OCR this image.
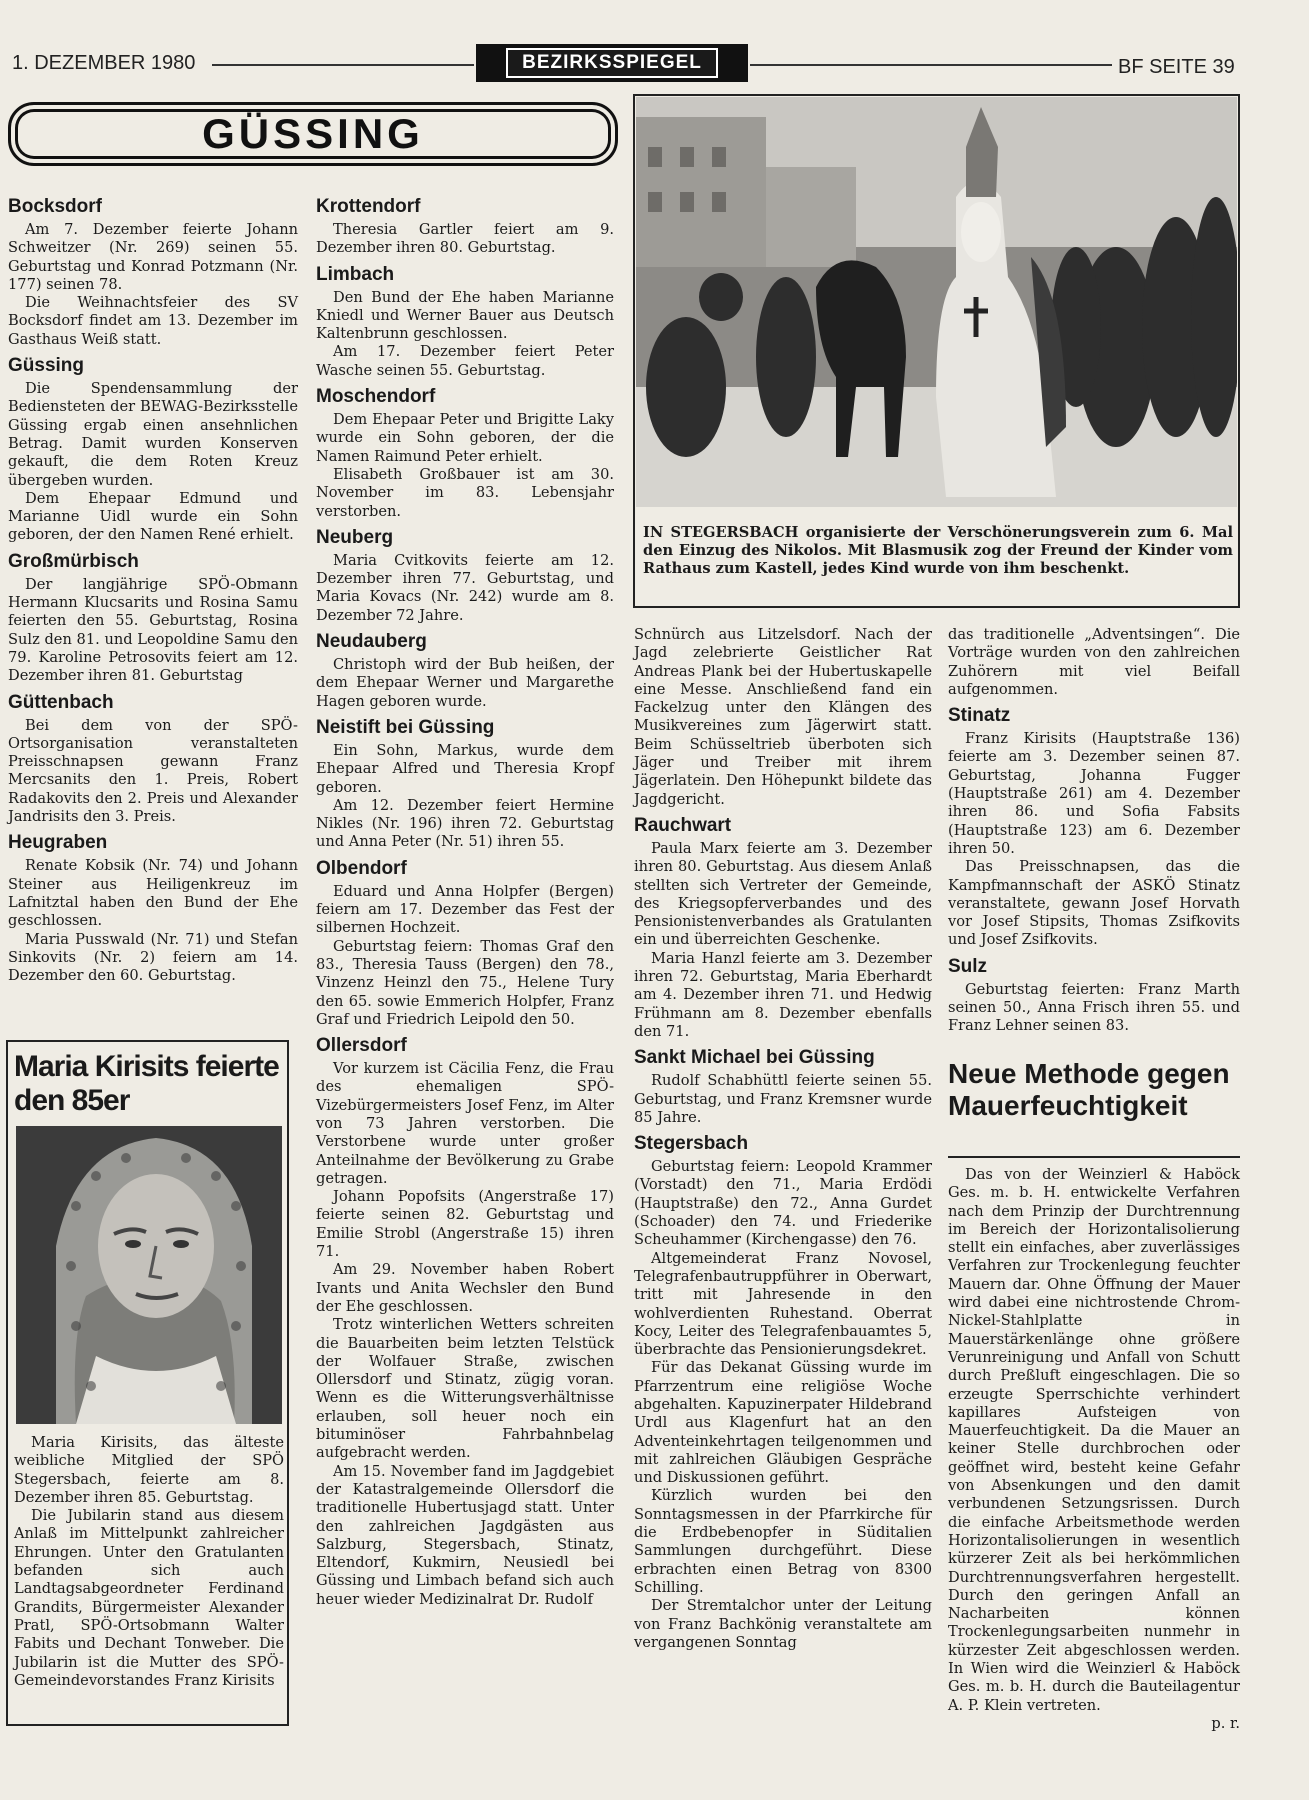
1. DEZEMBER 1980	BEZIRKSSPIEGEL	BF SEITE 39
GÜSSING
Bocksdorf

Am 7. Dezember feierte Johann Schweitzer (Nr. 269) seinen 55. Geburtstag und Konrad Potzmann (Nr. 177) seinen 78.

Die Weihnachtsfeier des SV Bocksdorf findet am 13. Dezember im Gasthaus Weiß statt.

Güssing

Die Spendensammlung der Bediensteten der BEWAG-Bezirksstelle Güssing ergab einen ansehnlichen Betrag. Damit wurden Konserven gekauft, die dem Roten Kreuz übergeben wurden.

Dem Ehepaar Edmund und Marianne Uidl wurde ein Sohn geboren, der den Namen René erhielt.

Großmürbisch

Der langjährige SPÖ-Obmann Hermann Klucsarits und Rosina Samu feierten den 55. Geburtstag, Rosina Sulz den 81. und Leopoldine Samu den 79. Karoline Petrosovits feiert am 12. Dezember ihren 81. Geburtstag

Güttenbach

Bei dem von der SPÖ-Ortsorganisation veranstalteten Preisschnapsen gewann Franz Mercsanits den 1. Preis, Robert Radakovits den 2. Preis und Alexander Jandrisits den 3. Preis.

Heugraben

Renate Kobsik (Nr. 74) und Johann Steiner aus Heiligenkreuz im Lafnitztal haben den Bund der Ehe geschlossen.

Maria Pusswald (Nr. 71) und Stefan Sinkovits (Nr. 2) feiern am 14. Dezember den 60. Geburtstag.

Maria Kirisits feierte den 85er

Maria Kirisits, das älteste weibliche Mitglied der SPÖ Stegersbach, feierte am 8. Dezember ihren 85. Geburtstag.

Die Jubilarin stand aus diesem Anlaß im Mittelpunkt zahlreicher Ehrungen. Unter den Gratulanten befanden sich auch Landtagsabgeordneter Ferdinand Grandits, Bürgermeister Alexander Pratl, SPÖ-Ortsobmann Walter Fabits und Dechant Tonweber. Die Jubilarin ist die Mutter des SPÖ-Gemeindevorstandes Franz Kirisits

Krottendorf

Theresia Gartler feiert am 9. Dezember ihren 80. Geburtstag.

Limbach

Den Bund der Ehe haben Marianne Kniedl und Werner Bauer aus Deutsch Kaltenbrunn geschlossen.

Am 17. Dezember feiert Peter Wasche seinen 55. Geburtstag.

Moschendorf

Dem Ehepaar Peter und Brigitte Laky wurde ein Sohn geboren, der die Namen Raimund Peter erhielt.

Elisabeth Großbauer ist am 30. November im 83. Lebensjahr verstorben.

Neuberg

Maria Cvitkovits feierte am 12. Dezember ihren 77. Geburtstag, und Maria Kovacs (Nr. 242) wurde am 8. Dezember 72 Jahre.

Neudauberg

Christoph wird der Bub heißen, der dem Ehepaar Werner und Margarethe Hagen geboren wurde.

Neistift bei Güssing

Ein Sohn, Markus, wurde dem Ehepaar Alfred und Theresia Kropf geboren.

Am 12. Dezember feiert Hermine Nikles (Nr. 196) ihren 72. Geburtstag und Anna Peter (Nr. 51) ihren 55.

Olbendorf

Eduard und Anna Holpfer (Bergen) feiern am 17. Dezember das Fest der silbernen Hochzeit.

Geburtstag feiern: Thomas Graf den 83., Theresia Tauss (Bergen) den 78., Vinzenz Heinzl den 75., Helene Tury den 65. sowie Emmerich Holpfer, Franz Graf und Friedrich Leipold den 50.

Ollersdorf

Vor kurzem ist Cäcilia Fenz, die Frau des ehemaligen SPÖ-Vizebürgermeisters Josef Fenz, im Alter von 73 Jahren verstorben. Die Verstorbene wurde unter großer Anteilnahme der Bevölkerung zu Grabe getragen.

Johann Popofsits (Angerstraße 17) feierte seinen 82. Geburtstag und Emilie Strobl (Angerstraße 15) ihren 71.

Am 29. November haben Robert Ivants und Anita Wechsler den Bund der Ehe geschlossen.

Trotz winterlichen Wetters schreiten die Bauarbeiten beim letzten Telstück der Wolfauer Straße, zwischen Ollersdorf und Stinatz, zügig voran. Wenn es die Witterungsverhältnisse erlauben, soll heuer noch ein bituminöser Fahrbahnbelag aufgebracht werden.

Am 15. November fand im Jagdgebiet der Katastralgemeinde Ollersdorf die traditionelle Hubertusjagd statt. Unter den zahlreichen Jagdgästen aus Salzburg, Stegersbach, Stinatz, Eltendorf, Kukmirn, Neusiedl bei Güssing und Limbach befand sich auch heuer wieder Medizinalrat Dr. Rudolf

IN STEGERSBACH organisierte der Verschönerungsverein zum 6. Mal den Einzug des Nikolos. Mit Blasmusik zog der Freund der Kinder vom Rathaus zum Kastell, jedes Kind wurde von ihm beschenkt.

Schnürch aus Litzelsdorf. Nach der Jagd zelebrierte Geistlicher Rat Andreas Plank bei der Hubertuskapelle eine Messe. Anschließend fand ein Fackelzug unter den Klängen des Musikvereines zum Jägerwirt statt. Beim Schüsseltrieb überboten sich Jäger und Treiber mit ihrem Jägerlatein. Den Höhepunkt bildete das Jagdgericht.

Rauchwart

Paula Marx feierte am 3. Dezember ihren 80. Geburtstag. Aus diesem Anlaß stellten sich Vertreter der Gemeinde, des Kriegsopferverbandes und des Pensionistenverbandes als Gratulanten ein und überreichten Geschenke.

Maria Hanzl feierte am 3. Dezember ihren 72. Geburtstag, Maria Eberhardt am 4. Dezember ihren 71. und Hedwig Frühmann am 8. Dezember ebenfalls den 71.

Sankt Michael bei Güssing

Rudolf Schabhüttl feierte seinen 55. Geburtstag, und Franz Kremsner wurde 85 Jahre.

Stegersbach

Geburtstag feiern: Leopold Krammer (Vorstadt) den 71., Maria Erdödi (Hauptstraße) den 72., Anna Gurdet (Schoader) den 74. und Friederike Scheuhammer (Kirchengasse) den 76.

Altgemeinderat Franz Novosel, Telegrafenbautruppführer in Oberwart, tritt mit Jahresende in den wohlverdienten Ruhestand. Oberrat Kocy, Leiter des Telegrafenbauamtes 5, überbrachte das Pensionierungsdekret.

Für das Dekanat Güssing wurde im Pfarrzentrum eine religiöse Woche abgehalten. Kapuzinerpater Hildebrand Urdl aus Klagenfurt hat an den Adventeinkehrtagen teilgenommen und mit zahlreichen Gläubigen Gespräche und Diskussionen geführt.

Kürzlich wurden bei den Sonntagsmessen in der Pfarrkirche für die Erdbebenopfer in Süditalien Sammlungen durchgeführt. Diese erbrachten einen Betrag von 8300 Schilling.

Der Stremtalchor unter der Leitung von Franz Bachkönig veranstaltete am vergangenen Sonntag

das traditionelle „Adventsingen“. Die Vorträge wurden von den zahlreichen Zuhörern mit viel Beifall aufgenommen.

Stinatz

Franz Kirisits (Hauptstraße 136) feierte am 3. Dezember seinen 87. Geburtstag, Johanna Fugger (Hauptstraße 261) am 4. Dezember ihren 86. und Sofia Fabsits (Hauptstraße 123) am 6. Dezember ihren 50.

Das Preisschnapsen, das die Kampfmannschaft der ASKÖ Stinatz veranstaltete, gewann Josef Horvath vor Josef Stipsits, Thomas Zsifkovits und Josef Zsifkovits.

Sulz

Geburtstag feierten: Franz Marth seinen 50., Anna Frisch ihren 55. und Franz Lehner seinen 83.

Neue Methode gegen Mauerfeuchtigkeit

Das von der Weinzierl & Haböck Ges. m. b. H. entwickelte Verfahren nach dem Prinzip der Durchtrennung im Bereich der Horizontalisolierung stellt ein einfaches, aber zuverlässiges Verfahren zur Trockenlegung feuchter Mauern dar. Ohne Öffnung der Mauer wird dabei eine nichtrostende Chrom-Nickel-Stahlplatte in Mauerstärkenlänge ohne größere Verunreinigung und Anfall von Schutt durch Preßluft eingeschlagen. Die so erzeugte Sperrschichte verhindert kapillares Aufsteigen von Mauerfeuchtigkeit. Da die Mauer an keiner Stelle durchbrochen oder geöffnet wird, besteht keine Gefahr von Absenkungen und den damit verbundenen Setzungsrissen. Durch die einfache Arbeitsmethode werden Horizontalisolierungen in wesentlich kürzerer Zeit als bei herkömmlichen Durchtrennungsverfahren hergestellt. Durch den geringen Anfall an Nacharbeiten können Trockenlegungsarbeiten nunmehr in kürzester Zeit abgeschlossen werden. In Wien wird die Weinzierl & Haböck Ges. m. b. H. durch die Bauteilagentur A. P. Klein vertreten.

p. r.
